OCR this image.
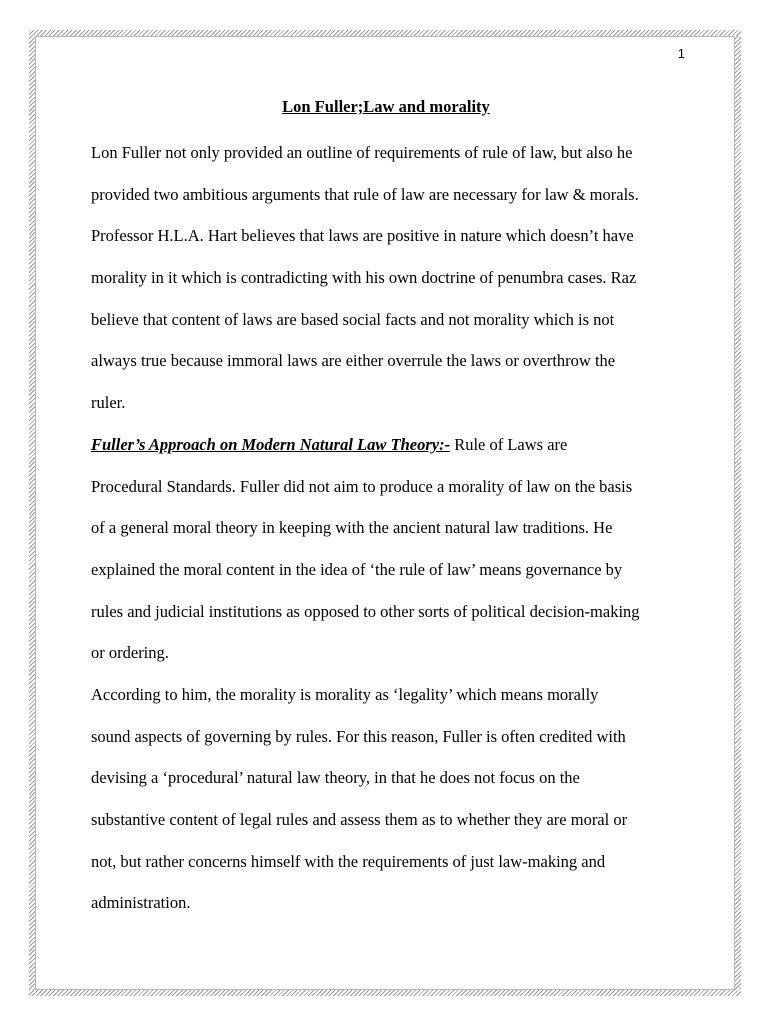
1
Lon Fuller;Law and morality
Lon Fuller not only provided an outline of requirements of rule of law, but also he
provided two ambitious arguments that rule of law are necessary for law & morals.
Professor H.L.A. Hart believes that laws are positive in nature which doesn’t have
morality in it which is contradicting with his own doctrine of penumbra cases. Raz
believe that content of laws are based social facts and not morality which is not
always true because immoral laws are either overrule the laws or overthrow the
ruler.
Fuller’s Approach on Modern Natural Law Theory:- Rule of Laws are
Procedural Standards. Fuller did not aim to produce a morality of law on the basis
of a general moral theory in keeping with the ancient natural law traditions. He
explained the moral content in the idea of ‘the rule of law’ means governance by
rules and judicial institutions as opposed to other sorts of political decision-making
or ordering.
According to him, the morality is morality as ‘legality’ which means morally
sound aspects of governing by rules. For this reason, Fuller is often credited with
devising a ‘procedural’ natural law theory, in that he does not focus on the
substantive content of legal rules and assess them as to whether they are moral or
not, but rather concerns himself with the requirements of just law-making and
administration.
